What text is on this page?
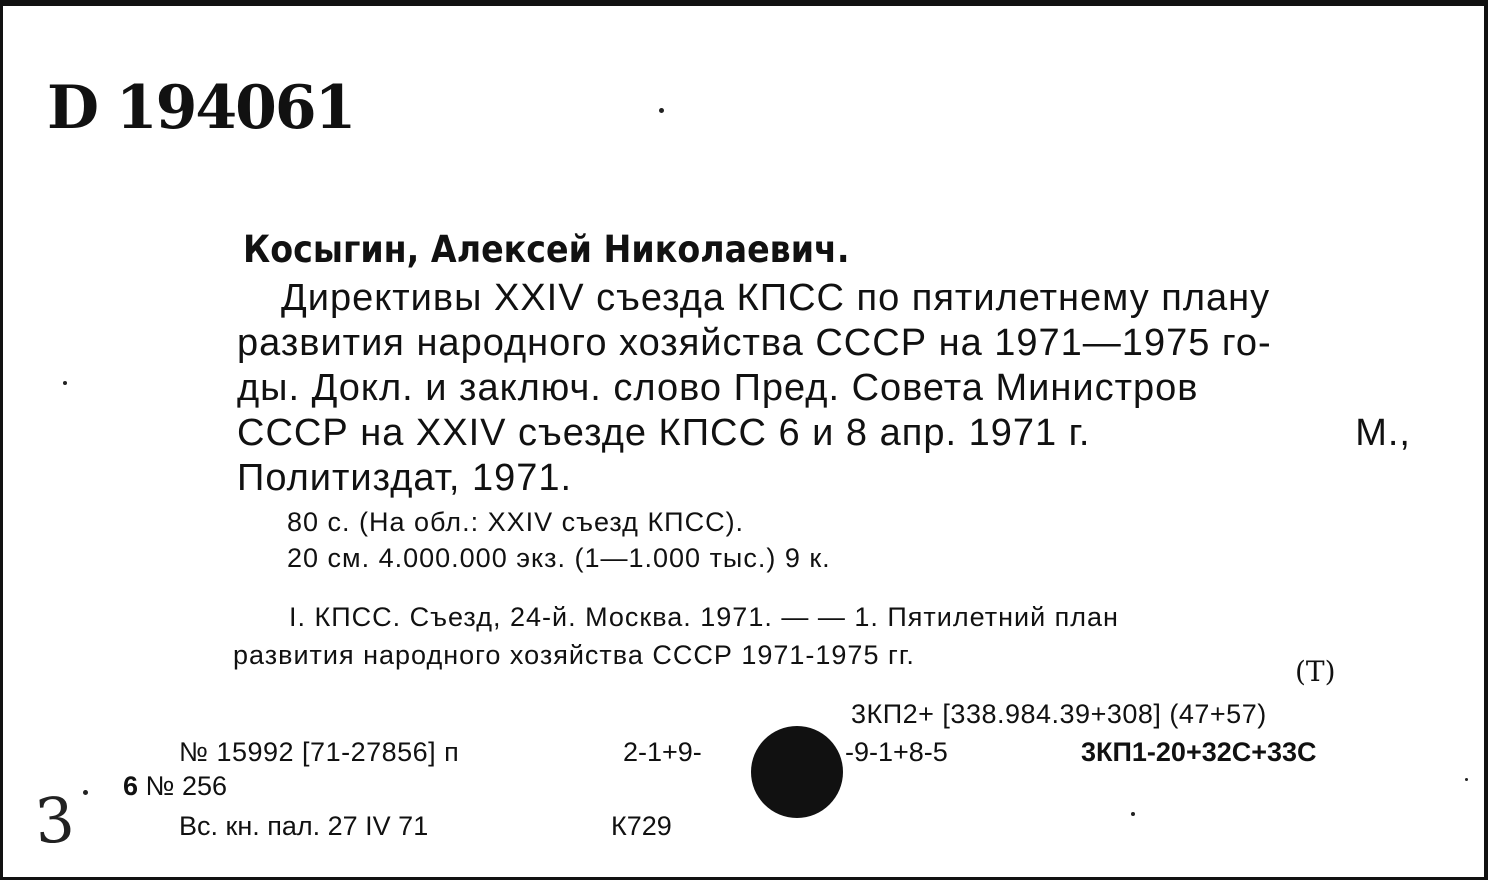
D 194061
Косыгин, Алексей Николаевич.
Директивы XXIV съезда КПСС по пятилетнему плану
развития народного хозяйства СССР на 1971—1975 го-
ды. Докл. и заключ. слово Пред. Совета Министров
СССР на XXIV съезде КПСС 6 и 8 апр. 1971 г.	М.,
Политиздат, 1971.
80 с. (На обл.: XXIV съезд КПСС).
20 см. 4.000.000 экз. (1—1.000 тыс.) 9 к.
I. КПСС. Съезд, 24-й. Москва. 1971. — — 1. Пятилетний план
развития народного хозяйства СССР 1971-1975 гг.	(Т)
3КП2+ [338.984.39+308] (47+57)
№ 15992 [71-27856] п	2-1+9-	-9-1+8-5	3КП1-20+32С+33С
6 № 256
Вс. кн. пал. 27 IV 71	К729
3
